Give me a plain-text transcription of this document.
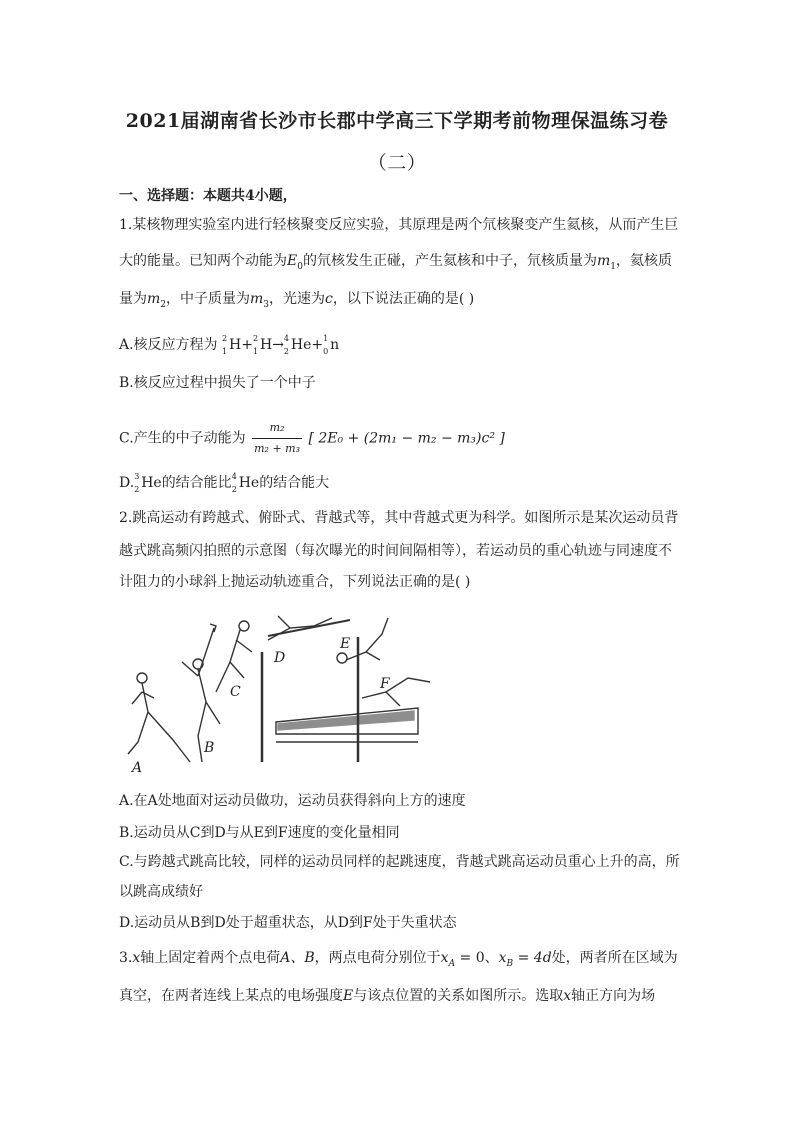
2021届湖南省长沙市长郡中学高三下学期考前物理保温练习卷
（二）
一、选择题：本题共4小题，
1.某核物理实验室内进行轻核聚变反应实验，其原理是两个氘核聚变产生氦核，从而产生巨
大的能量。已知两个动能为$E_0$的氘核发生正碰，产生氦核和中子，氘核质量为$m_1$，氦核质
量为$m_2$，中子质量为$m_3$，光速为c，以下说法正确的是( )
A.核反应方程为 2
1 H+ 2
1 H→ 4
2 He+ 1
0 n
B.核反应过程中损失了一个中子
C.产生的中子动能为 $\frac{\text{m₂}}{\text{m₂ + m₃}}$ [ 2E₀ + (2m₁ − m₂ − m₃)c² ]
D. 3
2 He的结合能比 4
2 He的结合能大
2.跳高运动有跨越式、俯卧式、背越式等，其中背越式更为科学。如图所示是某次运动员背
越式跳高频闪拍照的示意图（每次曝光的时间间隔相等），若运动员的重心轨迹与同速度不
计阻力的小球斜上抛运动轨迹重合，下列说法正确的是( )
A
B
C
D
E
F
A.在A处地面对运动员做功，运动员获得斜向上方的速度
B.运动员从C到D与从E到F速度的变化量相同
C.与跨越式跳高比较，同样的运动员同样的起跳速度，背越式跳高运动员重心上升的高，所
以跳高成绩好
D.运动员从B到D处于超重状态，从D到F处于失重状态
3.x轴上固定着两个点电荷A、B，两点电荷分别位于$x_A = 0$、$x_B = 4d$处，两者所在区域为
真空，在两者连线上某点的电场强度E与该点位置的关系如图所示。选取x轴正方向为场
